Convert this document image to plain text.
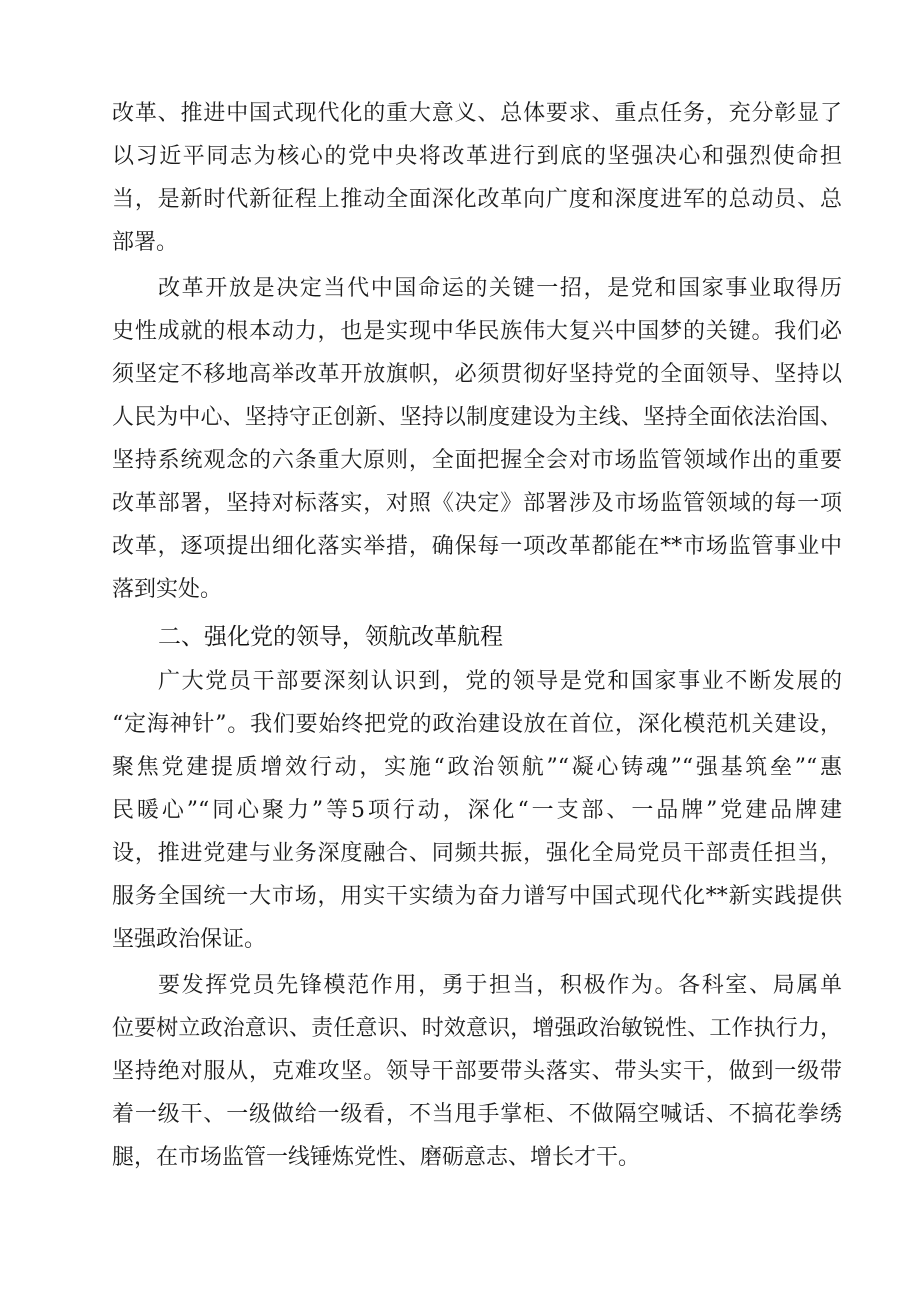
改革、推进中国式现代化的重大意义、总体要求、重点任务，充分彰显了
以习近平同志为核心的党中央将改革进行到底的坚强决心和强烈使命担
当，是新时代新征程上推动全面深化改革向广度和深度进军的总动员、总
部署。
改革开放是决定当代中国命运的关键一招，是党和国家事业取得历
史性成就的根本动力，也是实现中华民族伟大复兴中国梦的关键。我们必
须坚定不移地高举改革开放旗帜，必须贯彻好坚持党的全面领导、坚持以
人民为中心、坚持守正创新、坚持以制度建设为主线、坚持全面依法治国、
坚持系统观念的六条重大原则，全面把握全会对市场监管领域作出的重要
改革部署，坚持对标落实，对照《决定》部署涉及市场监管领域的每一项
改革，逐项提出细化落实举措，确保每一项改革都能在**市场监管事业中
落到实处。
二、强化党的领导，领航改革航程
广大党员干部要深刻认识到，党的领导是党和国家事业不断发展的
“定海神针”。我们要始终把党的政治建设放在首位，深化模范机关建设，
聚焦党建提质增效行动，实施“政治领航”“凝心铸魂”“强基筑垒”“惠
民暖心”“同心聚力”等5项行动，深化“一支部、一品牌”党建品牌建
设，推进党建与业务深度融合、同频共振，强化全局党员干部责任担当，
服务全国统一大市场，用实干实绩为奋力谱写中国式现代化**新实践提供
坚强政治保证。
要发挥党员先锋模范作用，勇于担当，积极作为。各科室、局属单
位要树立政治意识、责任意识、时效意识，增强政治敏锐性、工作执行力，
坚持绝对服从，克难攻坚。领导干部要带头落实、带头实干，做到一级带
着一级干、一级做给一级看，不当甩手掌柜、不做隔空喊话、不搞花拳绣
腿，在市场监管一线锤炼党性、磨砺意志、增长才干。
